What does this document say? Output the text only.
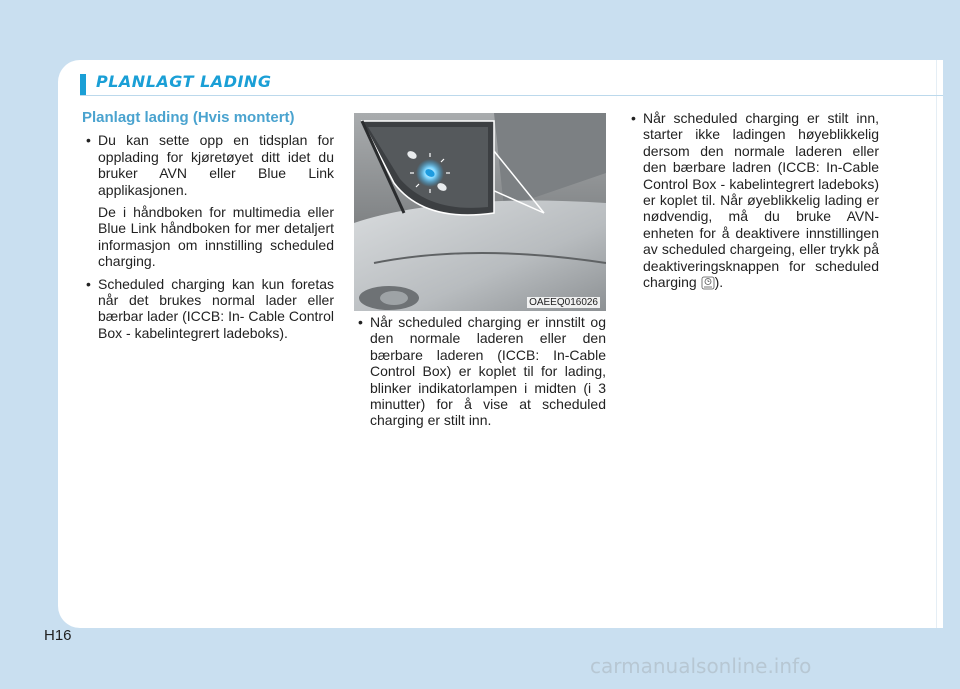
PLANLAGT LADING
Planlagt lading (Hvis montert)
• Du kan sette opp en tidsplan for opplading for kjøretøyet ditt idet du bruker AVN eller Blue Link applikasjonen.
De i håndboken for multimedia eller Blue Link håndboken for mer detaljert informasjon om innstilling scheduled charging.
• Scheduled charging kan kun foretas når det brukes normal lader eller bærbar lader (ICCB: In- Cable Control Box - kabelintegrert ladeboks).
OAEEQ016026
• Når scheduled charging er innstilt og den normale laderen eller den bærbare laderen (ICCB: In-Cable Control Box) er koplet til for lading, blinker indikatorlampen i midten (i 3 minutter) for å vise at scheduled charging er stilt inn.
• Når scheduled charging er stilt inn, starter ikke ladingen høyeblikkelig dersom den normale laderen eller den bærbare ladren (ICCB: In-Cable Control Box - kabelintegrert ladeboks) er koplet til. Når øyeblikkelig lading er nødvendig, må du bruke AVN-enheten for å deaktivere innstillingen av scheduled chargeing, eller trykk på deaktiveringsknappen for scheduled charging ).
H16
carmanualsonline.info
